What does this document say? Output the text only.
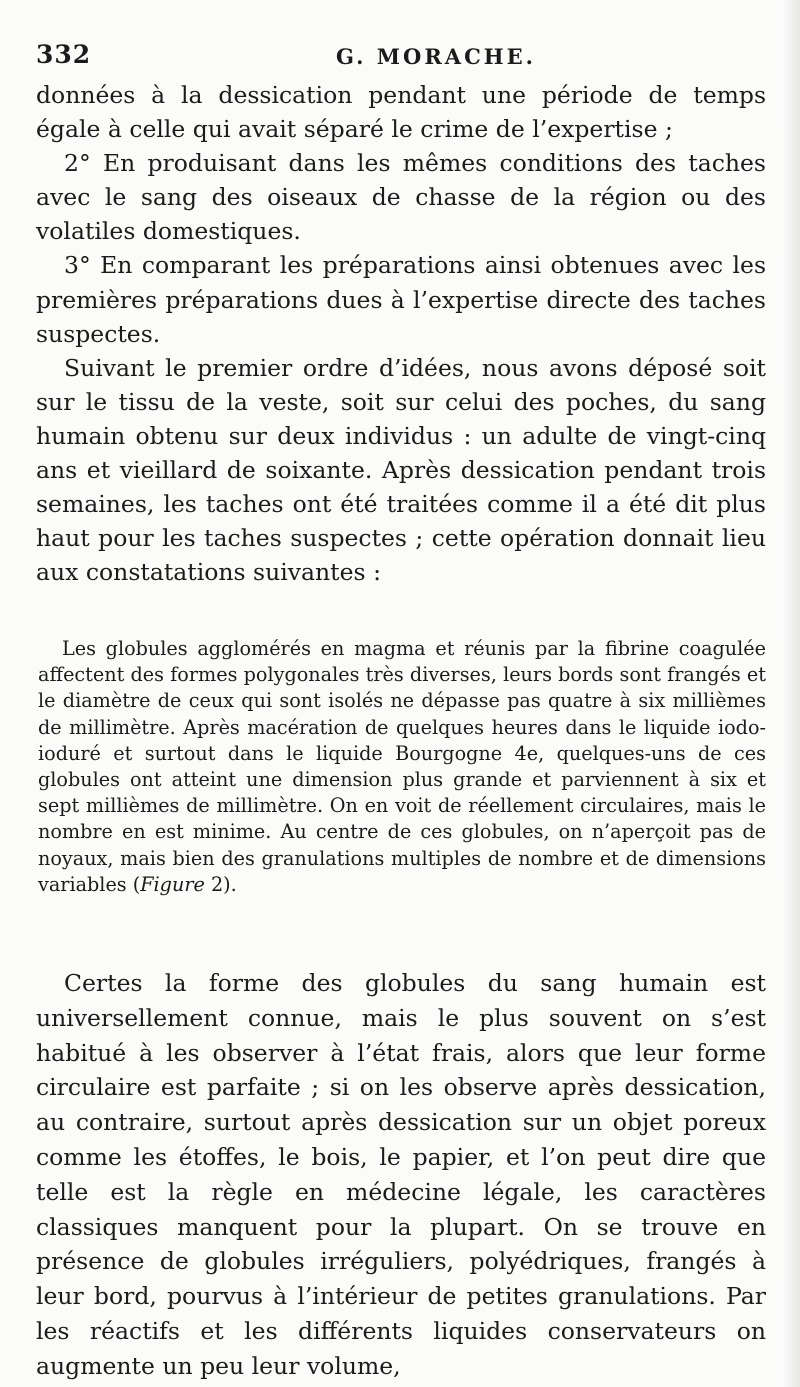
332	G. MORACHE.

données à la dessication pendant une période de temps égale à celle qui avait séparé le crime de l’expertise ;

2° En produisant dans les mêmes conditions des taches avec le sang des oiseaux de chasse de la région ou des volatiles domestiques.

3° En comparant les préparations ainsi obtenues avec les premières préparations dues à l’expertise directe des taches suspectes.

Suivant le premier ordre d’idées, nous avons déposé soit sur le tissu de la veste, soit sur celui des poches, du sang humain obtenu sur deux individus : un adulte de vingt-cinq ans et vieillard de soixante. Après dessication pendant trois semaines, les taches ont été traitées comme il a été dit plus haut pour les taches suspectes ; cette opération donnait lieu aux constatations suivantes :

Les globules agglomérés en magma et réunis par la fibrine coagulée affectent des formes polygonales très diverses, leurs bords sont frangés et le diamètre de ceux qui sont isolés ne dépasse pas quatre à six millièmes de millimètre. Après macération de quelques heures dans le liquide iodo-ioduré et surtout dans le liquide Bourgogne 4e, quelques-uns de ces globules ont atteint une dimension plus grande et parviennent à six et sept millièmes de millimètre. On en voit de réellement circulaires, mais le nombre en est minime. Au centre de ces globules, on n’aperçoit pas de noyaux, mais bien des granulations multiples de nombre et de dimensions variables (Figure 2).

Certes la forme des globules du sang humain est universellement connue, mais le plus souvent on s’est habitué à les observer à l’état frais, alors que leur forme circulaire est parfaite ; si on les observe après dessication, au contraire, surtout après dessication sur un objet poreux comme les étoffes, le bois, le papier, et l’on peut dire que telle est la règle en médecine légale, les caractères classiques manquent pour la plupart. On se trouve en présence de globules irréguliers, polyédriques, frangés à leur bord, pourvus à l’intérieur de petites granulations. Par les réactifs et les différents liquides conservateurs on augmente un peu leur volume,
